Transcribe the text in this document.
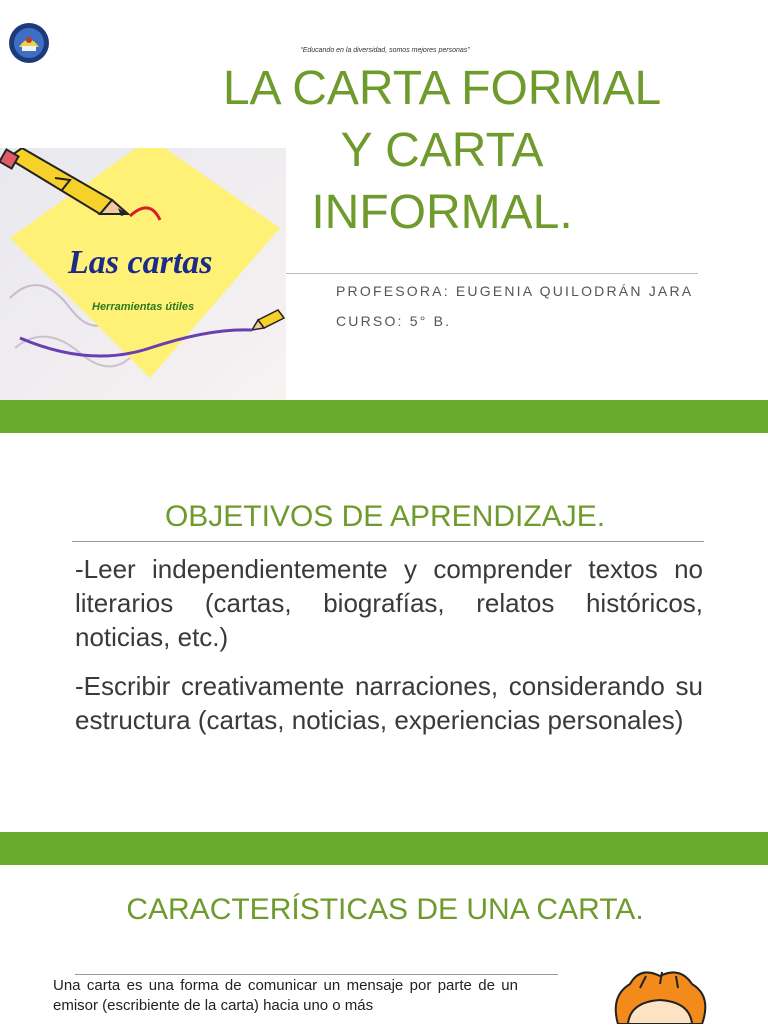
“Educando en la diversidad, somos mejores personas”
LA CARTA FORMAL
Y CARTA
INFORMAL.
PROFESORA: EUGENIA QUILODRÁN JARA
CURSO: 5° B.
Las cartas
Herramientas útiles
OBJETIVOS DE APRENDIZAJE.

-Leer independientemente y comprender textos no literarios (cartas, biografías, relatos históricos, noticias, etc.)

-Escribir creativamente narraciones, considerando su estructura (cartas, noticias, experiencias personales)

CARACTERÍSTICAS DE UNA CARTA.

Una carta es una forma de comunicar un mensaje por parte de un emisor (escribiente de la carta) hacia uno o más
